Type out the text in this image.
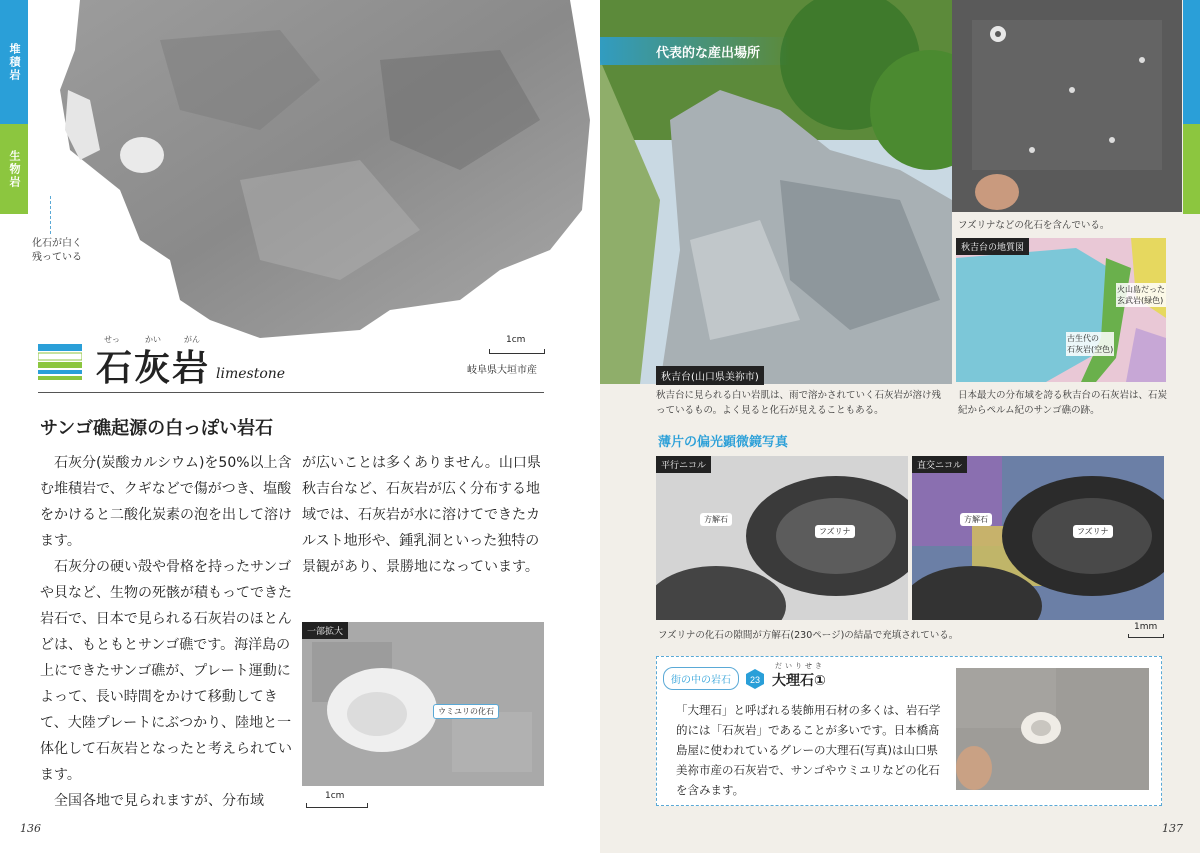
堆積岩
生物岩
化石が白く
残っている
せっ	かい	がん
石灰岩 limestone
1cm
岐阜県大垣市産
サンゴ礁起源の白っぽい岩石

石灰分(炭酸カルシウム)を50%以上含む堆積岩で、クギなどで傷がつき、塩酸をかけると二酸化炭素の泡を出して溶けます。

石灰分の硬い殻や骨格を持ったサンゴや貝など、生物の死骸が積もってできた岩石で、日本で見られる石灰岩のほとんどは、もともとサンゴ礁です。海洋島の上にできたサンゴ礁が、プレート運動によって、長い時間をかけて移動してきて、大陸プレートにぶつかり、陸地と一体化して石灰岩となったと考えられています。

全国各地で見られますが、分布域

が広いことは多くありません。山口県秋吉台など、石灰岩が広く分布する地域では、石灰岩が水に溶けてできたカルスト地形や、鍾乳洞といった独特の景観があり、景勝地になっています。
一部拡大
ウミユリの化石
1cm
136	137
代表的な産出場所
秋吉台(山口県美祢市)
秋吉台に見られる白い岩肌は、雨で溶かされていく石灰岩が溶け残っているもの。よく見ると化石が見えることもある。
フズリナなどの化石を含んでいる。
秋吉台の地質図
火山島だった
玄武岩(緑色)
古生代の
石灰岩(空色)
日本最大の分布域を誇る秋吉台の石灰岩は、石炭紀からペルム紀のサンゴ礁の跡。
薄片の偏光顕微鏡写真
平行ニコル	直交ニコル
方解石
フズリナ
方解石
フズリナ
フズリナの化石の隙間が方解石(230ページ)の結晶で充填されている。
1mm
街の中の岩石	23
だいりせき
大理石①
「大理石」と呼ばれる装飾用石材の多くは、岩石学的には「石灰岩」であることが多いです。日本橋髙島屋に使われているグレーの大理石(写真)は山口県美祢市産の石灰岩で、サンゴやウミユリなどの化石を含みます。
